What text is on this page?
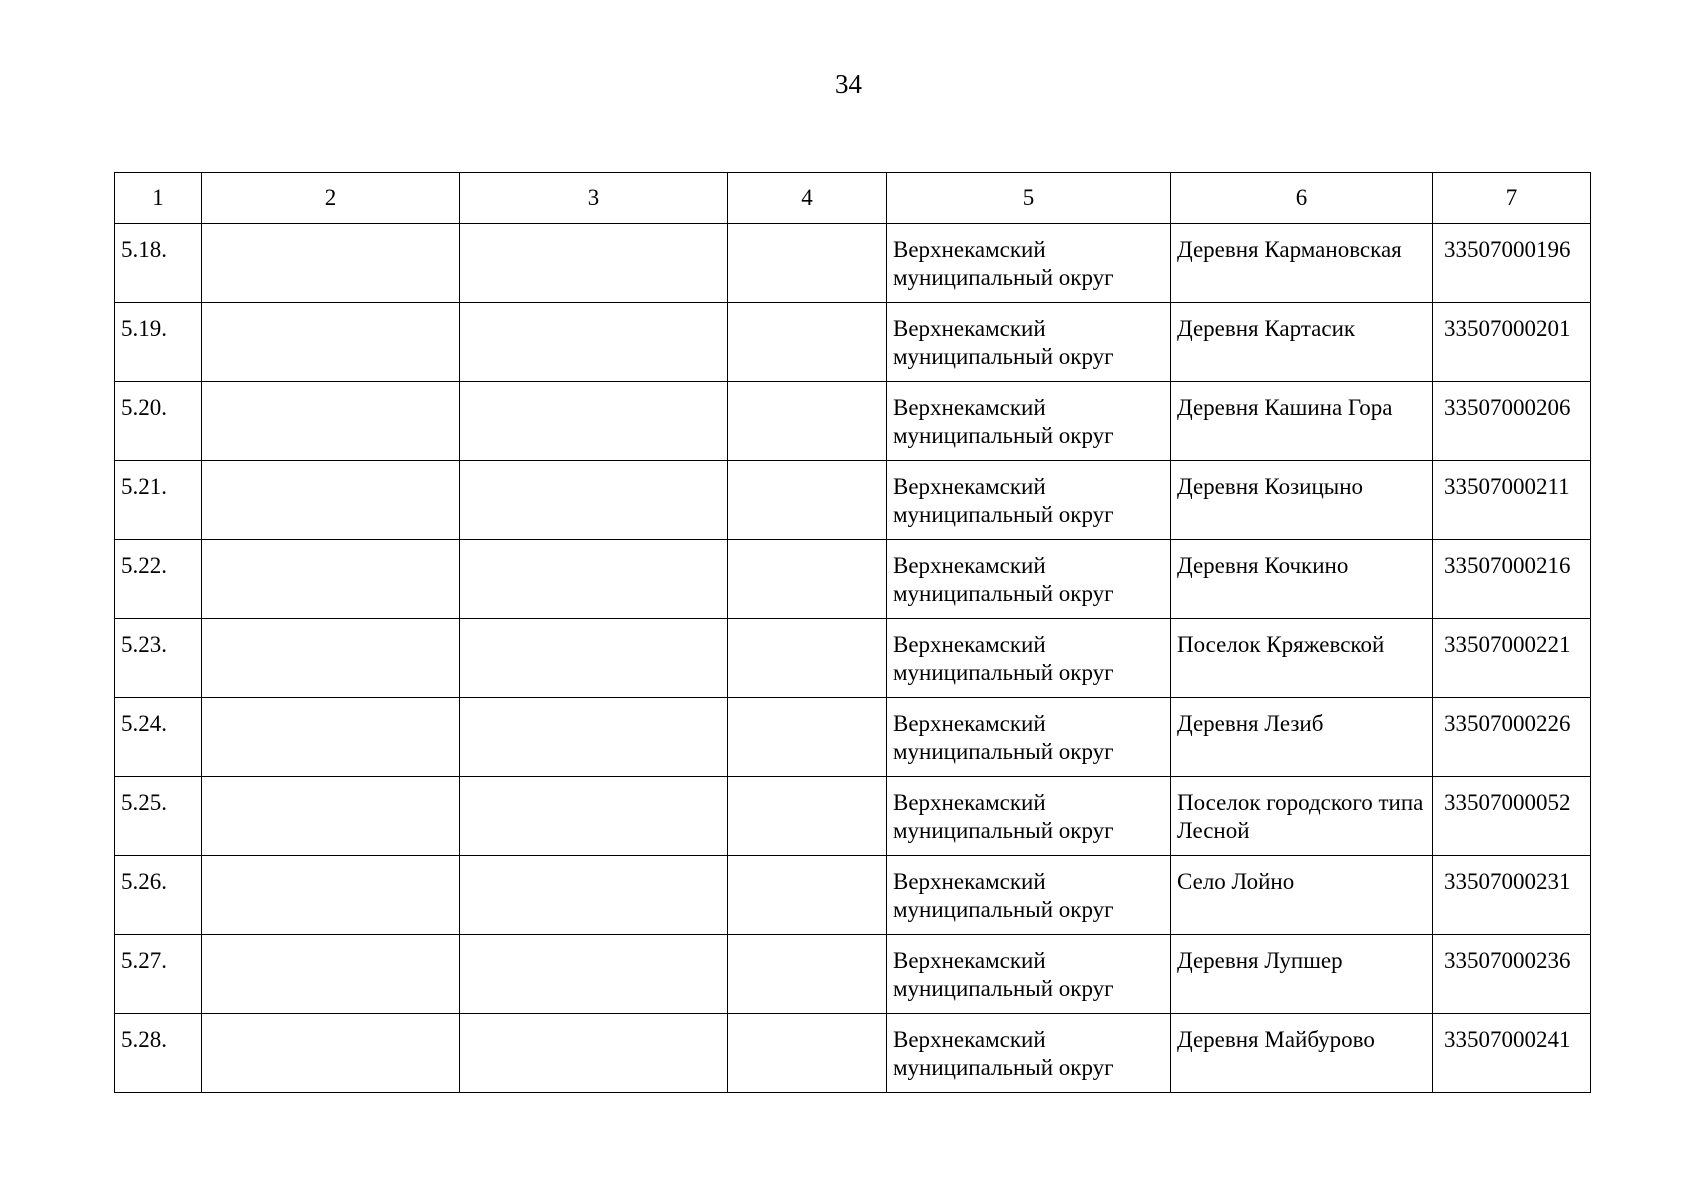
34
1	2	3	4	5	6	7
5.18.				Верхнекамский муниципальный округ	Деревня Кармановская	33507000196
5.19.				Верхнекамский муниципальный округ	Деревня Картасик	33507000201
5.20.				Верхнекамский муниципальный округ	Деревня Кашина Гора	33507000206
5.21.				Верхнекамский муниципальный округ	Деревня Козицыно	33507000211
5.22.				Верхнекамский муниципальный округ	Деревня Кочкино	33507000216
5.23.				Верхнекамский муниципальный округ	Поселок Кряжевской	33507000221
5.24.				Верхнекамский муниципальный округ	Деревня Лезиб	33507000226
5.25.				Верхнекамский муниципальный округ	Поселок городского типа Лесной	33507000052
5.26.				Верхнекамский муниципальный округ	Село Лойно	33507000231
5.27.				Верхнекамский муниципальный округ	Деревня Лупшер	33507000236
5.28.				Верхнекамский муниципальный округ	Деревня Майбурово	33507000241
